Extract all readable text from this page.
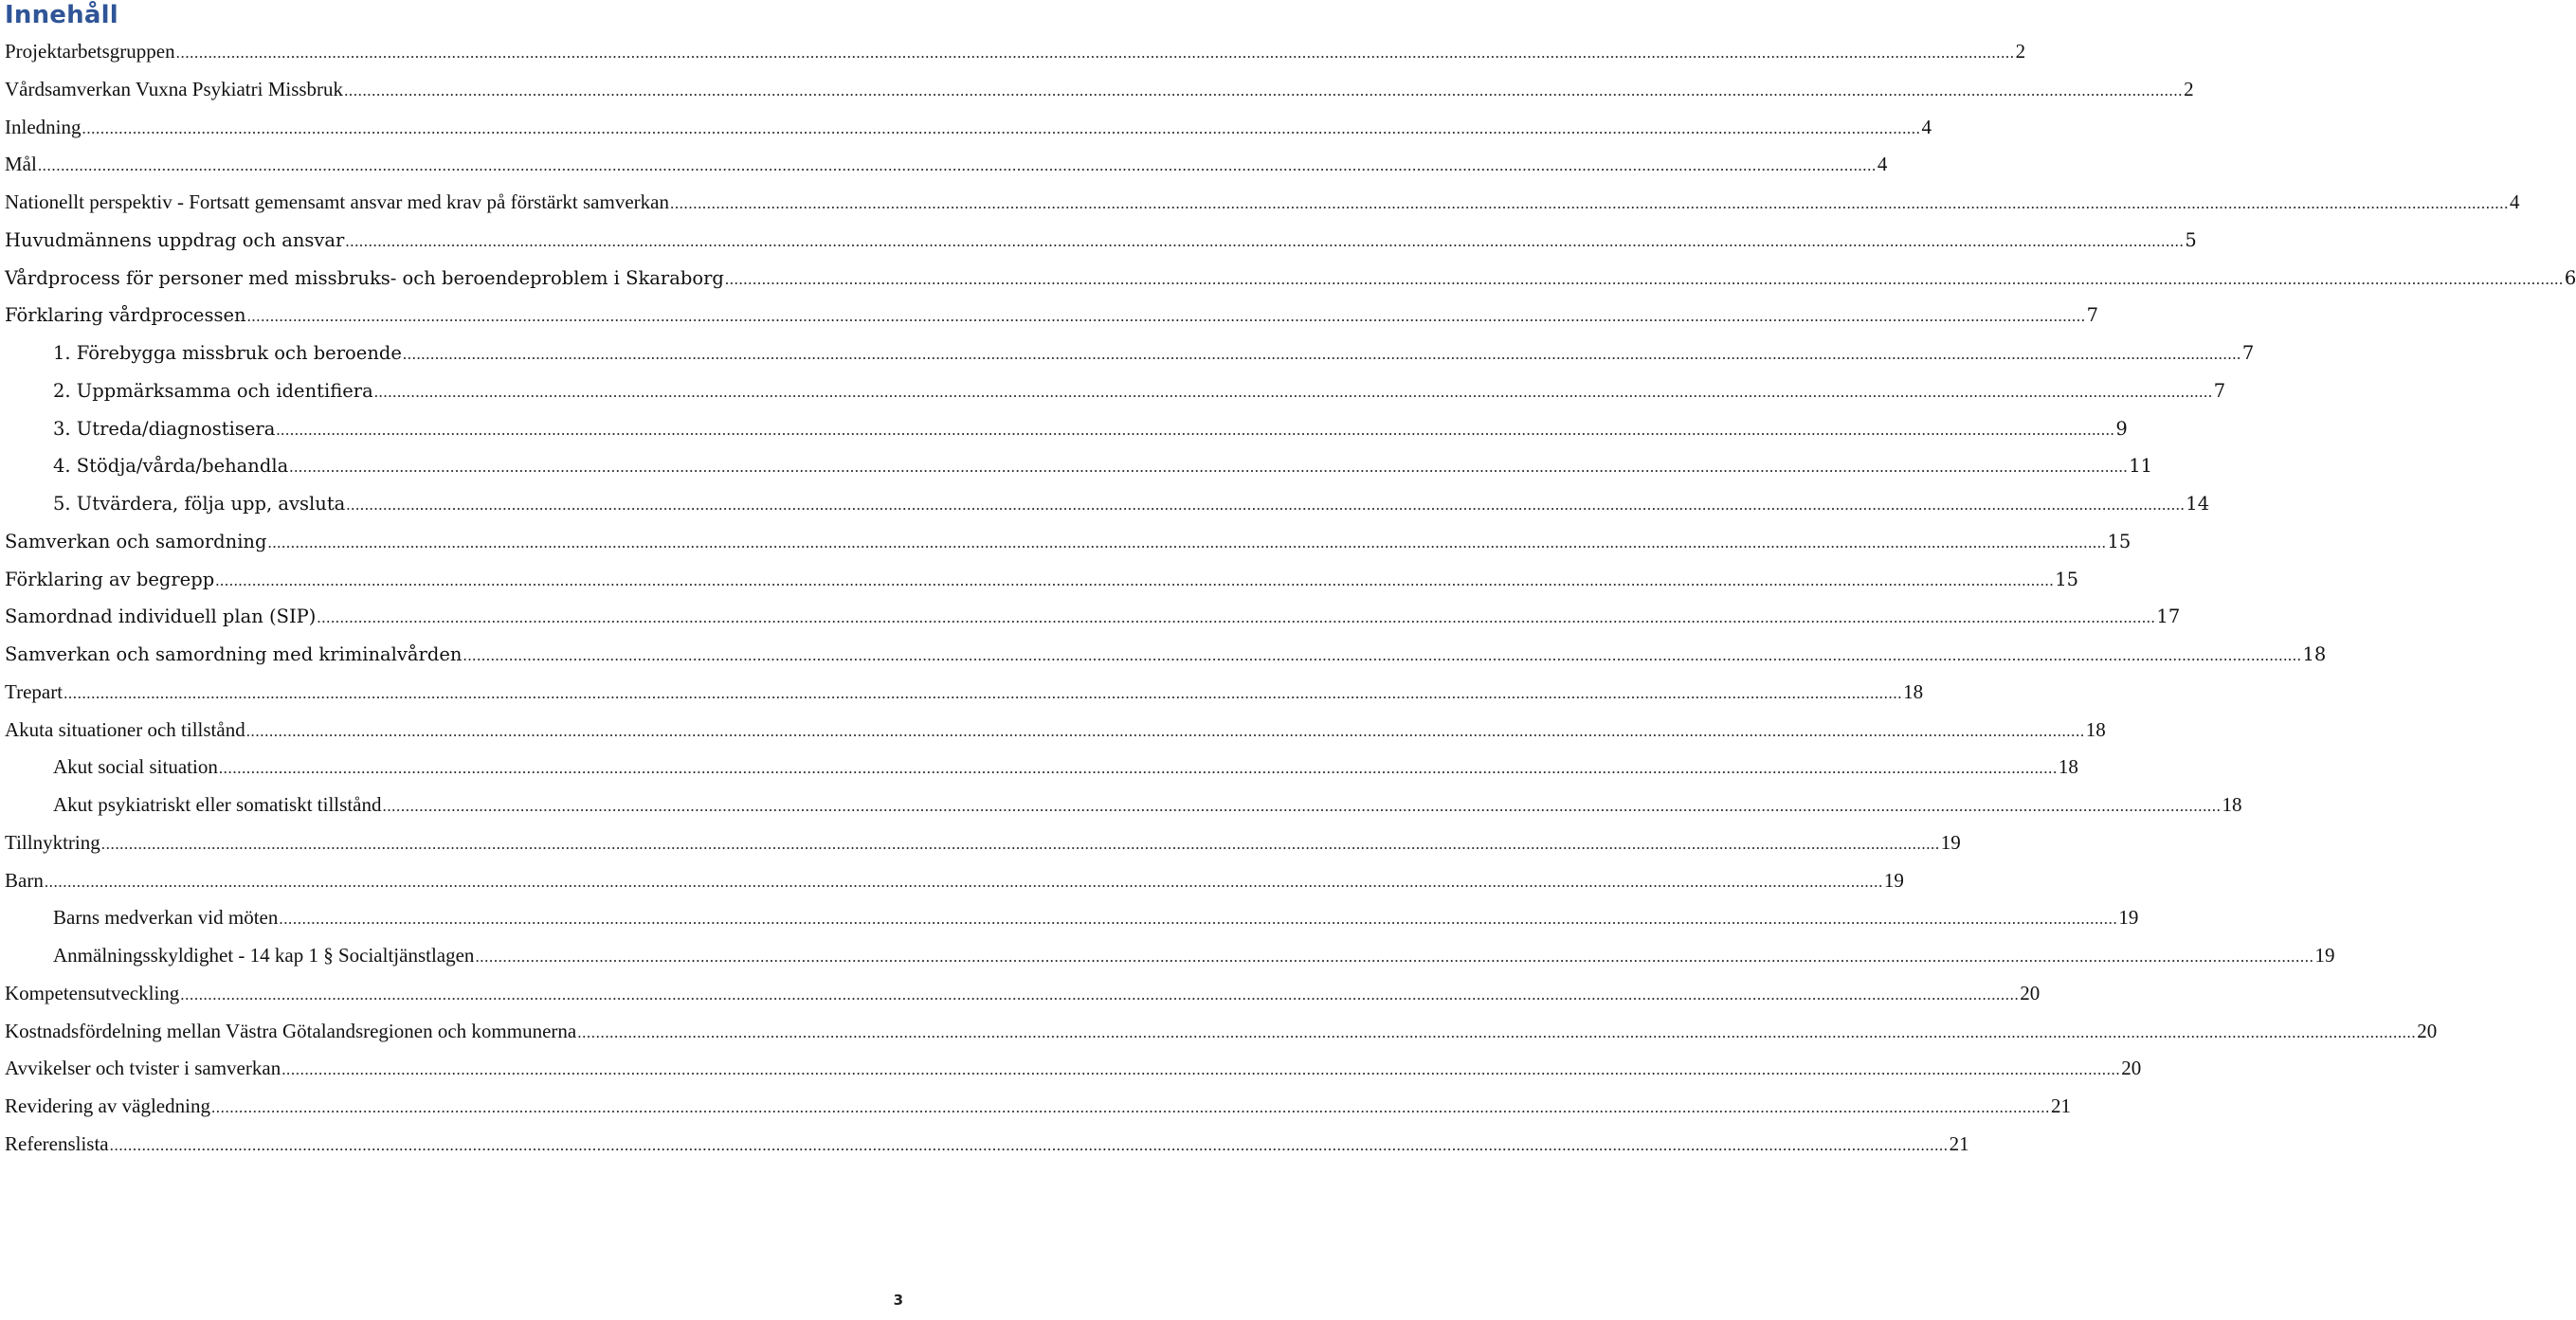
Innehåll
Projektarbetsgruppen ................................................................................................................................................................................................................................................................................................................................................................................................................ 2
Vårdsamverkan Vuxna Psykiatri Missbruk ................................................................................................................................................................................................................................................................................................................................................................................................................ 2
Inledning ................................................................................................................................................................................................................................................................................................................................................................................................................ 4
Mål ................................................................................................................................................................................................................................................................................................................................................................................................................ 4
Nationellt perspektiv - Fortsatt gemensamt ansvar med krav på förstärkt samverkan ................................................................................................................................................................................................................................................................................................................................................................................................................ 4
Huvudmännens uppdrag och ansvar ................................................................................................................................................................................................................................................................................................................................................................................................................ 5
Vårdprocess för personer med missbruks- och beroendeproblem i Skaraborg ................................................................................................................................................................................................................................................................................................................................................................................................................ 6
Förklaring vårdprocessen ................................................................................................................................................................................................................................................................................................................................................................................................................ 7
1. Förebygga missbruk och beroende ................................................................................................................................................................................................................................................................................................................................................................................................................ 7
2. Uppmärksamma och identifiera ................................................................................................................................................................................................................................................................................................................................................................................................................ 7
3. Utreda/diagnostisera ................................................................................................................................................................................................................................................................................................................................................................................................................ 9
4. Stödja/vårda/behandla ................................................................................................................................................................................................................................................................................................................................................................................................................ 11
5. Utvärdera, följa upp, avsluta ................................................................................................................................................................................................................................................................................................................................................................................................................ 14
Samverkan och samordning ................................................................................................................................................................................................................................................................................................................................................................................................................ 15
Förklaring av begrepp ................................................................................................................................................................................................................................................................................................................................................................................................................ 15
Samordnad individuell plan (SIP) ................................................................................................................................................................................................................................................................................................................................................................................................................ 17
Samverkan och samordning med kriminalvården ................................................................................................................................................................................................................................................................................................................................................................................................................ 18
Trepart ................................................................................................................................................................................................................................................................................................................................................................................................................ 18
Akuta situationer och tillstånd ................................................................................................................................................................................................................................................................................................................................................................................................................ 18
Akut social situation ................................................................................................................................................................................................................................................................................................................................................................................................................ 18
Akut psykiatriskt eller somatiskt tillstånd ................................................................................................................................................................................................................................................................................................................................................................................................................ 18
Tillnyktring ................................................................................................................................................................................................................................................................................................................................................................................................................ 19
Barn ................................................................................................................................................................................................................................................................................................................................................................................................................ 19
Barns medverkan vid möten ................................................................................................................................................................................................................................................................................................................................................................................................................ 19
Anmälningsskyldighet - 14 kap 1 § Socialtjänstlagen ................................................................................................................................................................................................................................................................................................................................................................................................................ 19
Kompetensutveckling ................................................................................................................................................................................................................................................................................................................................................................................................................ 20
Kostnadsfördelning mellan Västra Götalandsregionen och kommunerna ................................................................................................................................................................................................................................................................................................................................................................................................................ 20
Avvikelser och tvister i samverkan ................................................................................................................................................................................................................................................................................................................................................................................................................ 20
Revidering av vägledning ................................................................................................................................................................................................................................................................................................................................................................................................................ 21
Referenslista ................................................................................................................................................................................................................................................................................................................................................................................................................ 21
3
